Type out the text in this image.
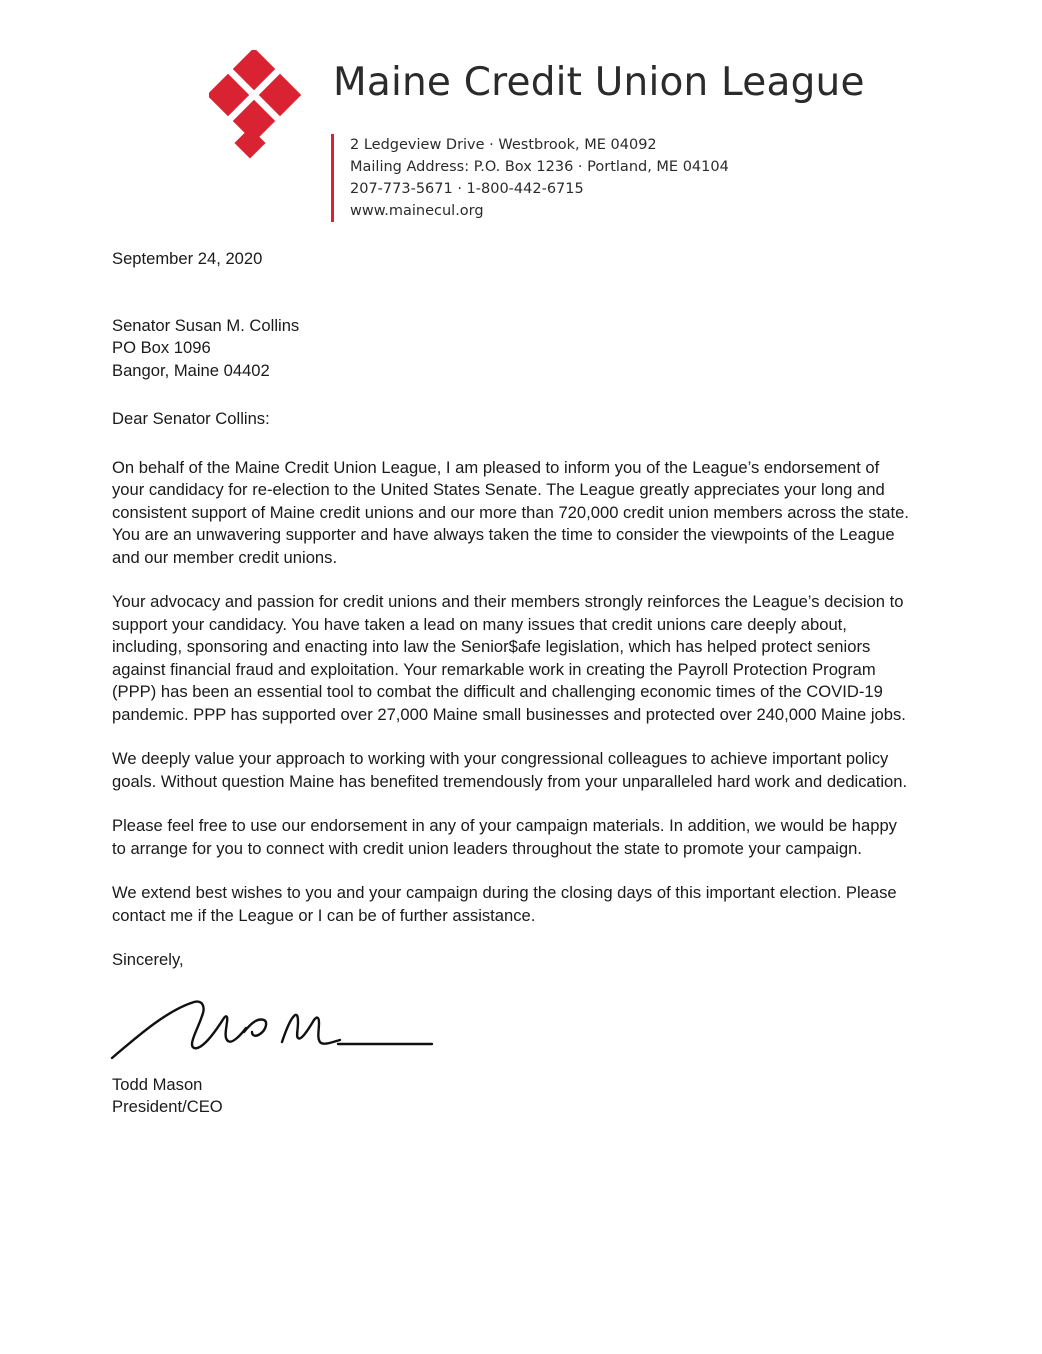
Maine Credit Union League
2 Ledgeview Drive · Westbrook, ME 04092
Mailing Address: P.O. Box 1236 · Portland, ME 04104
207-773-5671 · 1-800-442-6715
www.mainecul.org

September 24, 2020

Senator Susan M. Collins

PO Box 1096

Bangor, Maine 04402

Dear Senator Collins:

On behalf of the Maine Credit Union League, I am pleased to inform you of the League’s endorsement of your candidacy for re-election to the United States Senate. The League greatly appreciates your long and consistent support of Maine credit unions and our more than 720,000 credit union members across the state. You are an unwavering supporter and have always taken the time to consider the viewpoints of the League and our member credit unions.

Your advocacy and passion for credit unions and their members strongly reinforces the League’s decision to support your candidacy. You have taken a lead on many issues that credit unions care deeply about, including, sponsoring and enacting into law the Senior$afe legislation, which has helped protect seniors against financial fraud and exploitation. Your remarkable work in creating the Payroll Protection Program (PPP) has been an essential tool to combat the difficult and challenging economic times of the COVID-19 pandemic. PPP has supported over 27,000 Maine small businesses and protected over 240,000 Maine jobs.

We deeply value your approach to working with your congressional colleagues to achieve important policy goals. Without question Maine has benefited tremendously from your unparalleled hard work and dedication.

Please feel free to use our endorsement in any of your campaign materials. In addition, we would be happy to arrange for you to connect with credit union leaders throughout the state to promote your campaign.

We extend best wishes to you and your campaign during the closing days of this important election. Please contact me if the League or I can be of further assistance.

Sincerely,

Todd Mason

President/CEO
